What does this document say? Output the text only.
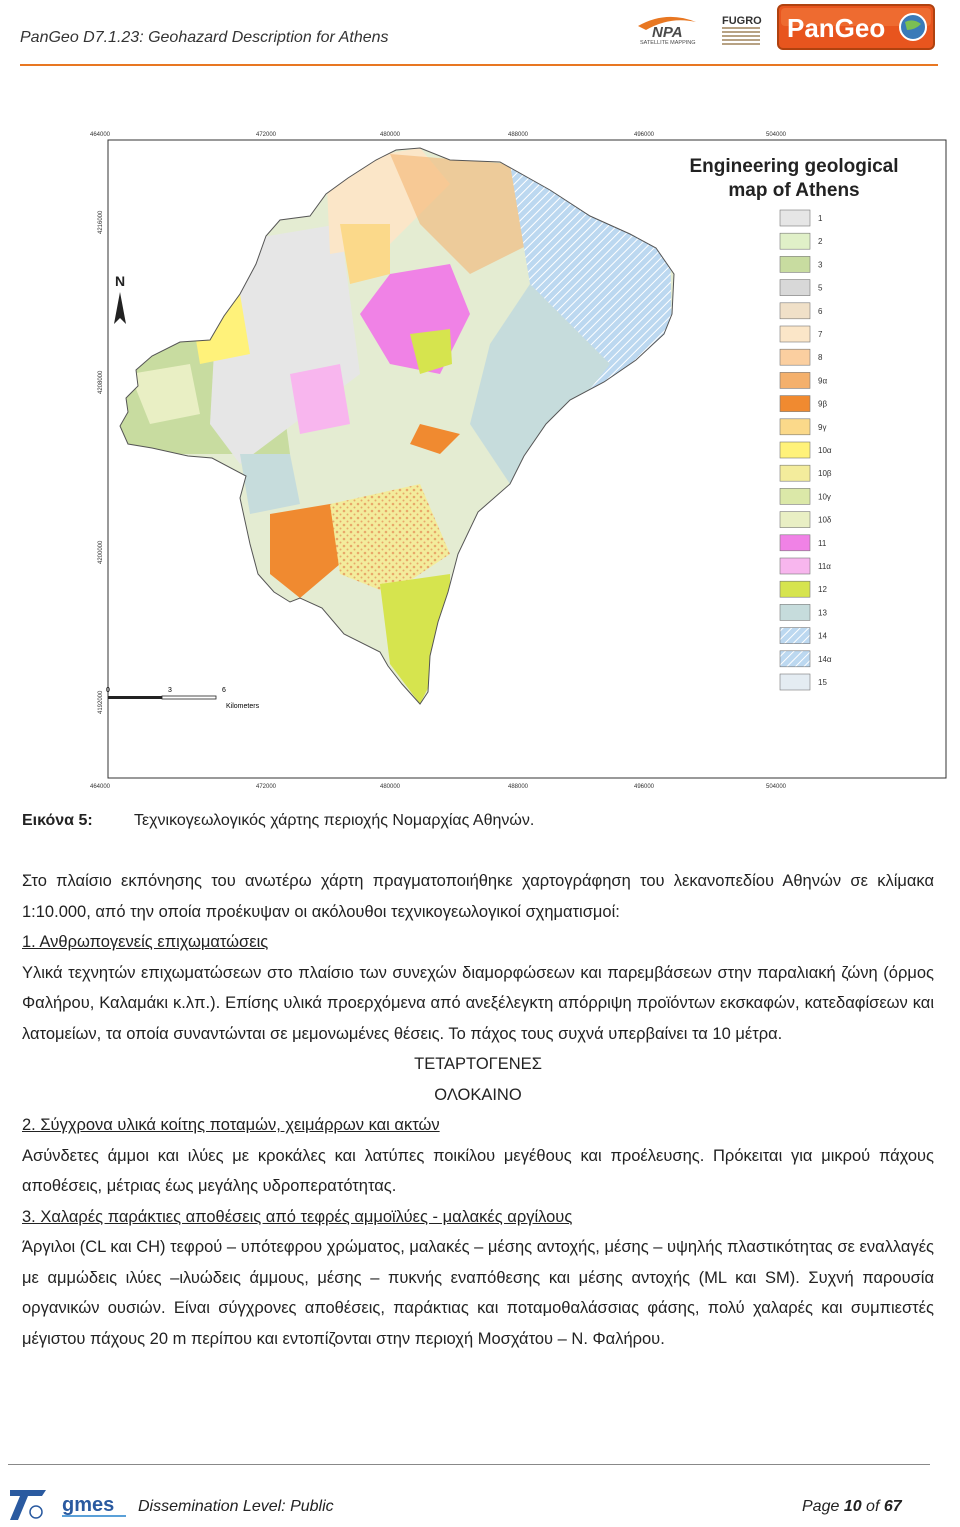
PanGeo D7.1.23: Geohazard Description for Athens	NPA
SATELLITE MAPPING
FUGRO PanGeo
464000	472000	480000	488000	496000	504000
464000	472000	480000	488000	496000	504000
4216000
4208000
4200000
4192000
N
0	3	6
Kilometers
Engineering geological
map of Athens
1
2
3
5
6
7
8
9α
9β
9γ
10α
10β
10γ
10δ
11
11α
12
13
14
14α
15
Εικόνα 5:	Τεχνικογεωλογικός χάρτης περιοχής Νομαρχίας Αθηνών.

Στο πλαίσιο εκπόνησης του ανωτέρω χάρτη πραγματοποιήθηκε χαρτογράφηση του λεκανοπεδίου Αθηνών σε κλίμακα 1:10.000, από την οποία προέκυψαν οι ακόλουθοι τεχνικογεωλογικοί σχηματισμοί:

1. Ανθρωπογενείς επιχωματώσεις

Υλικά τεχνητών επιχωματώσεων στο πλαίσιο των συνεχών διαμορφώσεων και παρεμβάσεων στην παραλιακή ζώνη (όρμος Φαλήρου, Καλαμάκι κ.λπ.). Επίσης υλικά προερχόμενα από ανεξέλεγκτη απόρριψη προϊόντων εκσκαφών, κατεδαφίσεων και λατομείων, τα οποία συναντώνται σε μεμονωμένες θέσεις. Το πάχος τους συχνά υπερβαίνει τα 10 μέτρα.

ΤΕΤΑΡΤΟΓΕΝΕΣ

ΟΛΟΚΑΙΝΟ

2. Σύγχρονα υλικά κοίτης ποταμών, χειμάρρων και ακτών

Ασύνδετες άμμοι και ιλύες με κροκάλες και λατύπες ποικίλου μεγέθους και προέλευσης. Πρόκειται για μικρού πάχους αποθέσεις, μέτριας έως μεγάλης υδροπερατότητας.

3. Χαλαρές παράκτιες αποθέσεις από τεφρές αμμοϊλύες - μαλακές αργίλους

Άργιλοι (CL και CH) τεφρού – υπότεφρου χρώματος, μαλακές – μέσης αντοχής, μέσης – υψηλής πλαστικότητας σε εναλλαγές με αμμώδεις ιλύες –ιλυώδεις άμμους, μέσης – πυκνής εναπόθεσης και μέσης αντοχής (ML και SM). Συχνή παρουσία οργανικών ουσιών. Είναι σύγχρονες αποθέσεις, παράκτιας και ποταμοθαλάσσιας φάσης, πολύ χαλαρές και συμπιεστές μέγιστου πάχους 20 m περίπου και εντοπίζονται στην περιοχή Μοσχάτου – Ν. Φαλήρου.

gmes Dissemination Level: Public	Page 10 of 67
